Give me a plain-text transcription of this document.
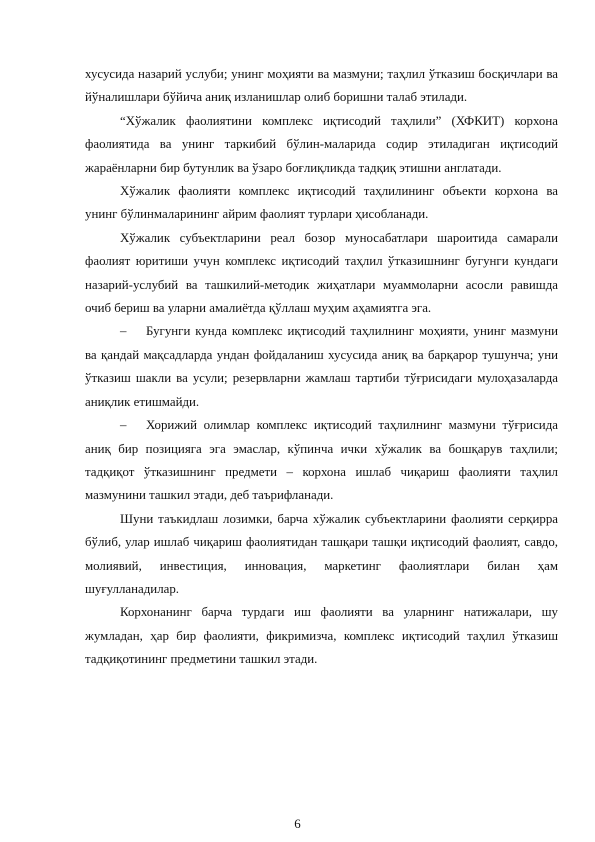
хусусида назарий услуби; унинг моҳияти ва мазмуни; таҳлил ўтказиш босқичлари ва йўналишлари бўйича аниқ изланишлар олиб боришни талаб этилади.

“Хўжалик фаолиятини комплекс иқтисодий таҳлили” (ХФКИТ) корхона фаолиятида ва унинг таркибий бўлин-маларида содир этиладиган иқтисодий жараёнларни бир бутунлик ва ўзаро боғлиқликда тадқиқ этишни англатади.

Хўжалик фаолияти комплекс иқтисодий таҳлилининг объекти корхона ва унинг бўлинмаларининг айрим фаолият турлари ҳисобланади.

Хўжалик субъектларини реал бозор муносабатлари шароитида самарали фаолият юритиши учун комплекс иқтисодий таҳлил ўтказишнинг бугунги кундаги назарий-услубий ва ташкилий-методик жиҳатлари муаммоларни асосли равишда очиб бериш ва уларни амалиётда қўллаш муҳим аҳамиятга эга.

– Бугунги кунда комплекс иқтисодий таҳлилнинг моҳияти, унинг мазмуни ва қандай мақсадларда ундан фойдаланиш хусусида аниқ ва барқарор тушунча; уни ўтказиш шакли ва усули; резервларни жамлаш тартиби тўғрисидаги мулоҳазаларда аниқлик етишмайди.

– Хорижий олимлар комплекс иқтисодий таҳлилнинг мазмуни тўғрисида аниқ бир позицияга эга эмаслар, кўпинча ички хўжалик ва бошқарув таҳлили; тадқиқот ўтказишнинг предмети – корхона ишлаб чиқариш фаолияти таҳлил мазмунини ташкил этади, деб таърифланади.

Шуни таъкидлаш лозимки, барча хўжалик субъектларини фаолияти серқирра бўлиб, улар ишлаб чиқариш фаолиятидан ташқари ташқи иқтисодий фаолият, савдо, молиявий, инвестиция, инновация, маркетинг фаолиятлари билан ҳам шуғулланадилар.

Корхонанинг барча турдаги иш фаолияти ва уларнинг натижалари, шу жумладан, ҳар бир фаолияти, фикримизча, комплекс иқтисодий таҳлил ўтказиш тадқиқотининг предметини ташкил этади.

6
